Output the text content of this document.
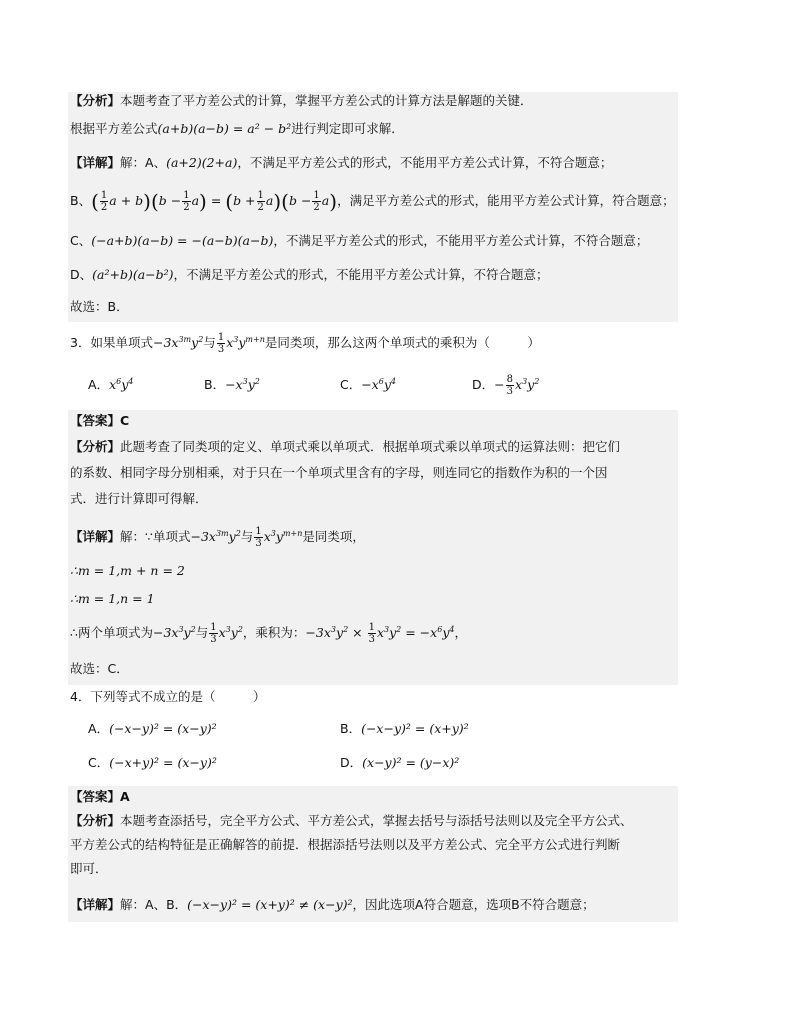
【分析】本题考查了平方差公式的计算，掌握平方差公式的计算方法是解题的关键．
根据平方差公式(a+b)(a−b) = a² − b²进行判定即可求解．
【详解】解：A、(a+2)(2+a)，不满足平方差公式的形式，不能用平方差公式计算，不符合题意；
B、( $\frac{1}{2}$ $a + b)(b - \frac{1}{2} a) = (b + \frac{1}{2} a)(b - \frac{1}{2} a)$，满足平方差公式的形式，能用平方差公式计算，符合题意；
C、(−a+b)(a−b) = −(a−b)(a−b)，不满足平方差公式的形式，不能用平方差公式计算，不符合题意；
D、(a²+b)(a−b²)，不满足平方差公式的形式，不能用平方差公式计算，不符合题意；
故选：B．
3．如果单项式$-3x^{3m}y^2$与 $\frac{1}{3} x^3y^{m+n}$是同类项，那么这两个单项式的乘积为（　　　）
A．$x^6y^4$	B．$-x^3y^2$	C．$-x^6y^4$	D．− $\frac{8}{3} x^3y^2$
【答案】C
【分析】此题考查了同类项的定义、单项式乘以单项式．根据单项式乘以单项式的运算法则：把它们
的系数、相同字母分别相乘，对于只在一个单项式里含有的字母，则连同它的指数作为积的一个因
式．进行计算即可得解．
【详解】解：∵单项式$-3x^{3m}y^2$与 $\frac{1}{3} x^3y^{m+n}$是同类项，
∴m = 1,m + n = 2
∴m = 1,n = 1
∴两个单项式为$-3x^3y^2$与 $\frac{1}{3} x^3y^2$，乘积为：$-3x^3y^2 \times \frac{1}{3} x^3y^2 = -x^6y^4$，
故选：C．
4．下列等式不成立的是（　　　）
A．(−x−y)² = (x−y)²	B．(−x−y)² = (x+y)²
C．(−x+y)² = (x−y)²	D．(x−y)² = (y−x)²
【答案】A
【分析】本题考查添括号，完全平方公式、平方差公式，掌握去括号与添括号法则以及完全平方公式、
平方差公式的结构特征是正确解答的前提．根据添括号法则以及平方差公式、完全平方公式进行判断
即可．
【详解】解：A、B．(−x−y)² = (x+y)² ≠ (x−y)²，因此选项A符合题意，选项B不符合题意；
